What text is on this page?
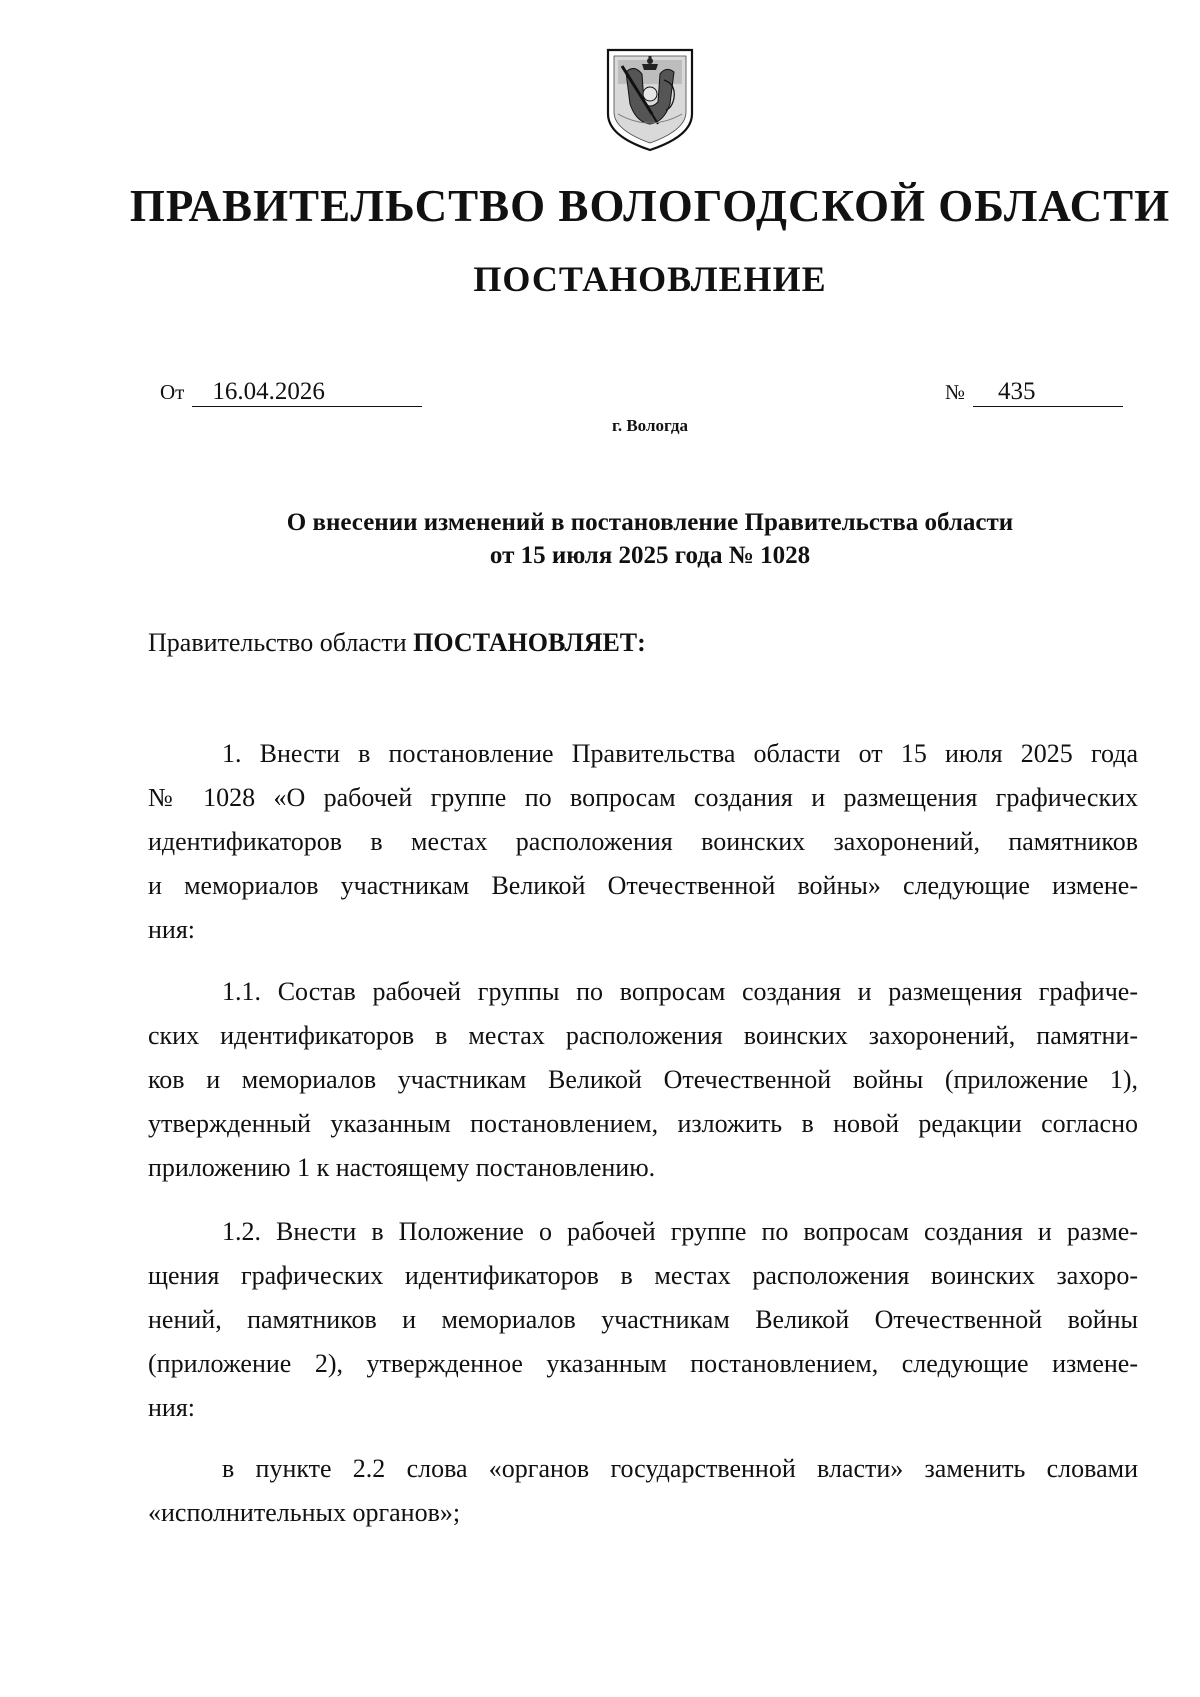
ПРАВИТЕЛЬСТВО ВОЛОГОДСКОЙ ОБЛАСТИ
ПОСТАНОВЛЕНИЕ
От 16.04.2026	№ 435
г. Вологда
О внесении изменений в постановление Правительства области
от 15 июля 2025 года № 1028
Правительство области ПОСТАНОВЛЯЕТ:
1. Внести в постановление Правительства области от 15 июля 2025 года
№ 1028 «О рабочей группе по вопросам создания и размещения графических
идентификаторов в местах расположения воинских захоронений, памятников
и мемориалов участникам Великой Отечественной войны» следующие измене-
ния:
1.1. Состав рабочей группы по вопросам создания и размещения графиче-
ских идентификаторов в местах расположения воинских захоронений, памятни-
ков и мемориалов участникам Великой Отечественной войны (приложение 1),
утвержденный указанным постановлением, изложить в новой редакции согласно
приложению 1 к настоящему постановлению.
1.2. Внести в Положение о рабочей группе по вопросам создания и разме-
щения графических идентификаторов в местах расположения воинских захоро-
нений, памятников и мемориалов участникам Великой Отечественной войны
(приложение 2), утвержденное указанным постановлением, следующие измене-
ния:
в пункте 2.2 слова «органов государственной власти» заменить словами
«исполнительных органов»;
